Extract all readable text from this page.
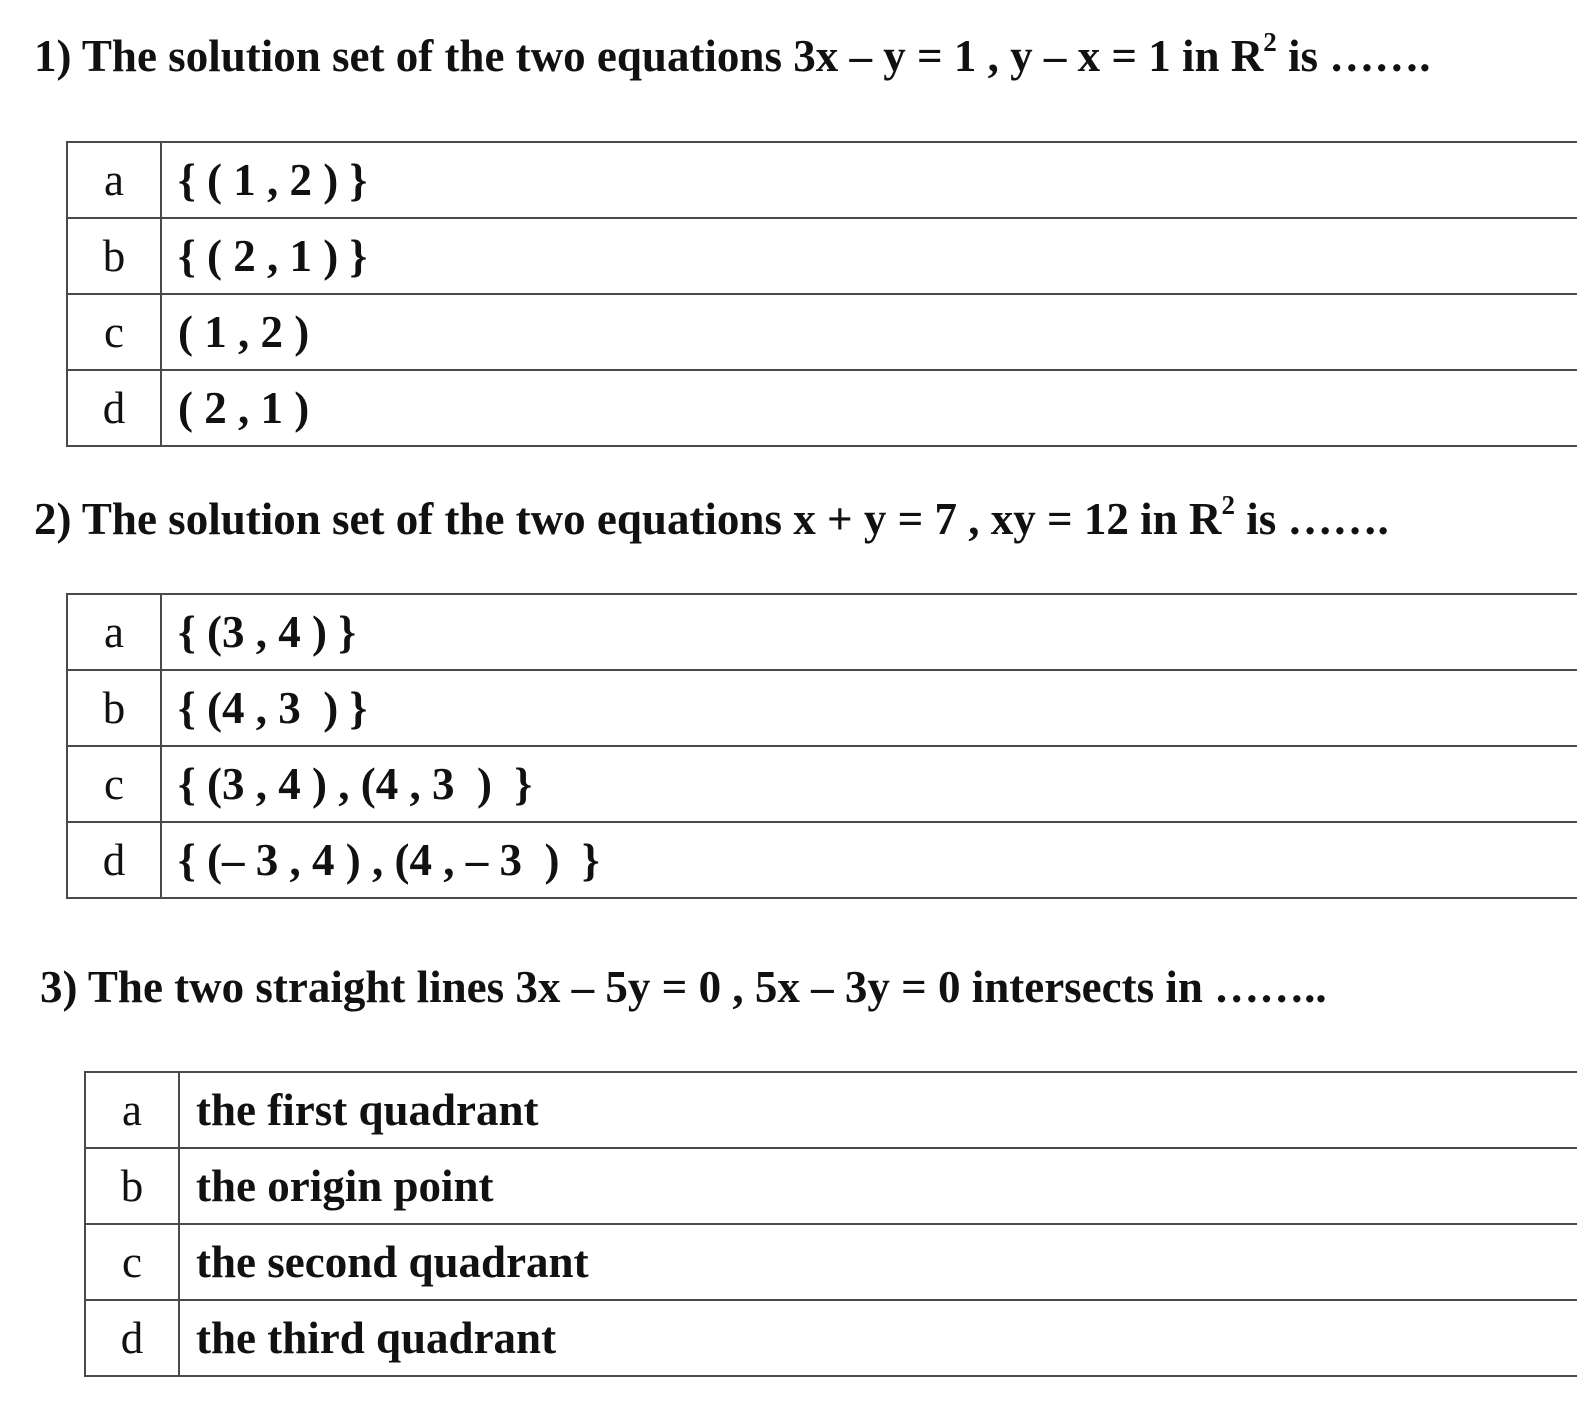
1) The solution set of the two equations 3x – y = 1 , y – x = 1 in $R^2$ is …….

a	{ ( 1 , 2 ) }
b	{ ( 2 , 1 ) }
c	( 1 , 2 )
d	( 2 , 1 )

2) The solution set of the two equations x + y = 7 , xy = 12 in $R^2$ is …….

a	{ (3 , 4 ) }
b	{ (4 , 3  ) }
c	{ (3 , 4 ) , (4 , 3  )  }
d	{ (– 3 , 4 ) , (4 , – 3  )  }

3) The two straight lines 3x – 5y = 0 , 5x – 3y = 0 intersects in ……..

a	the first quadrant
b	the origin point
c	the second quadrant
d	the third quadrant
